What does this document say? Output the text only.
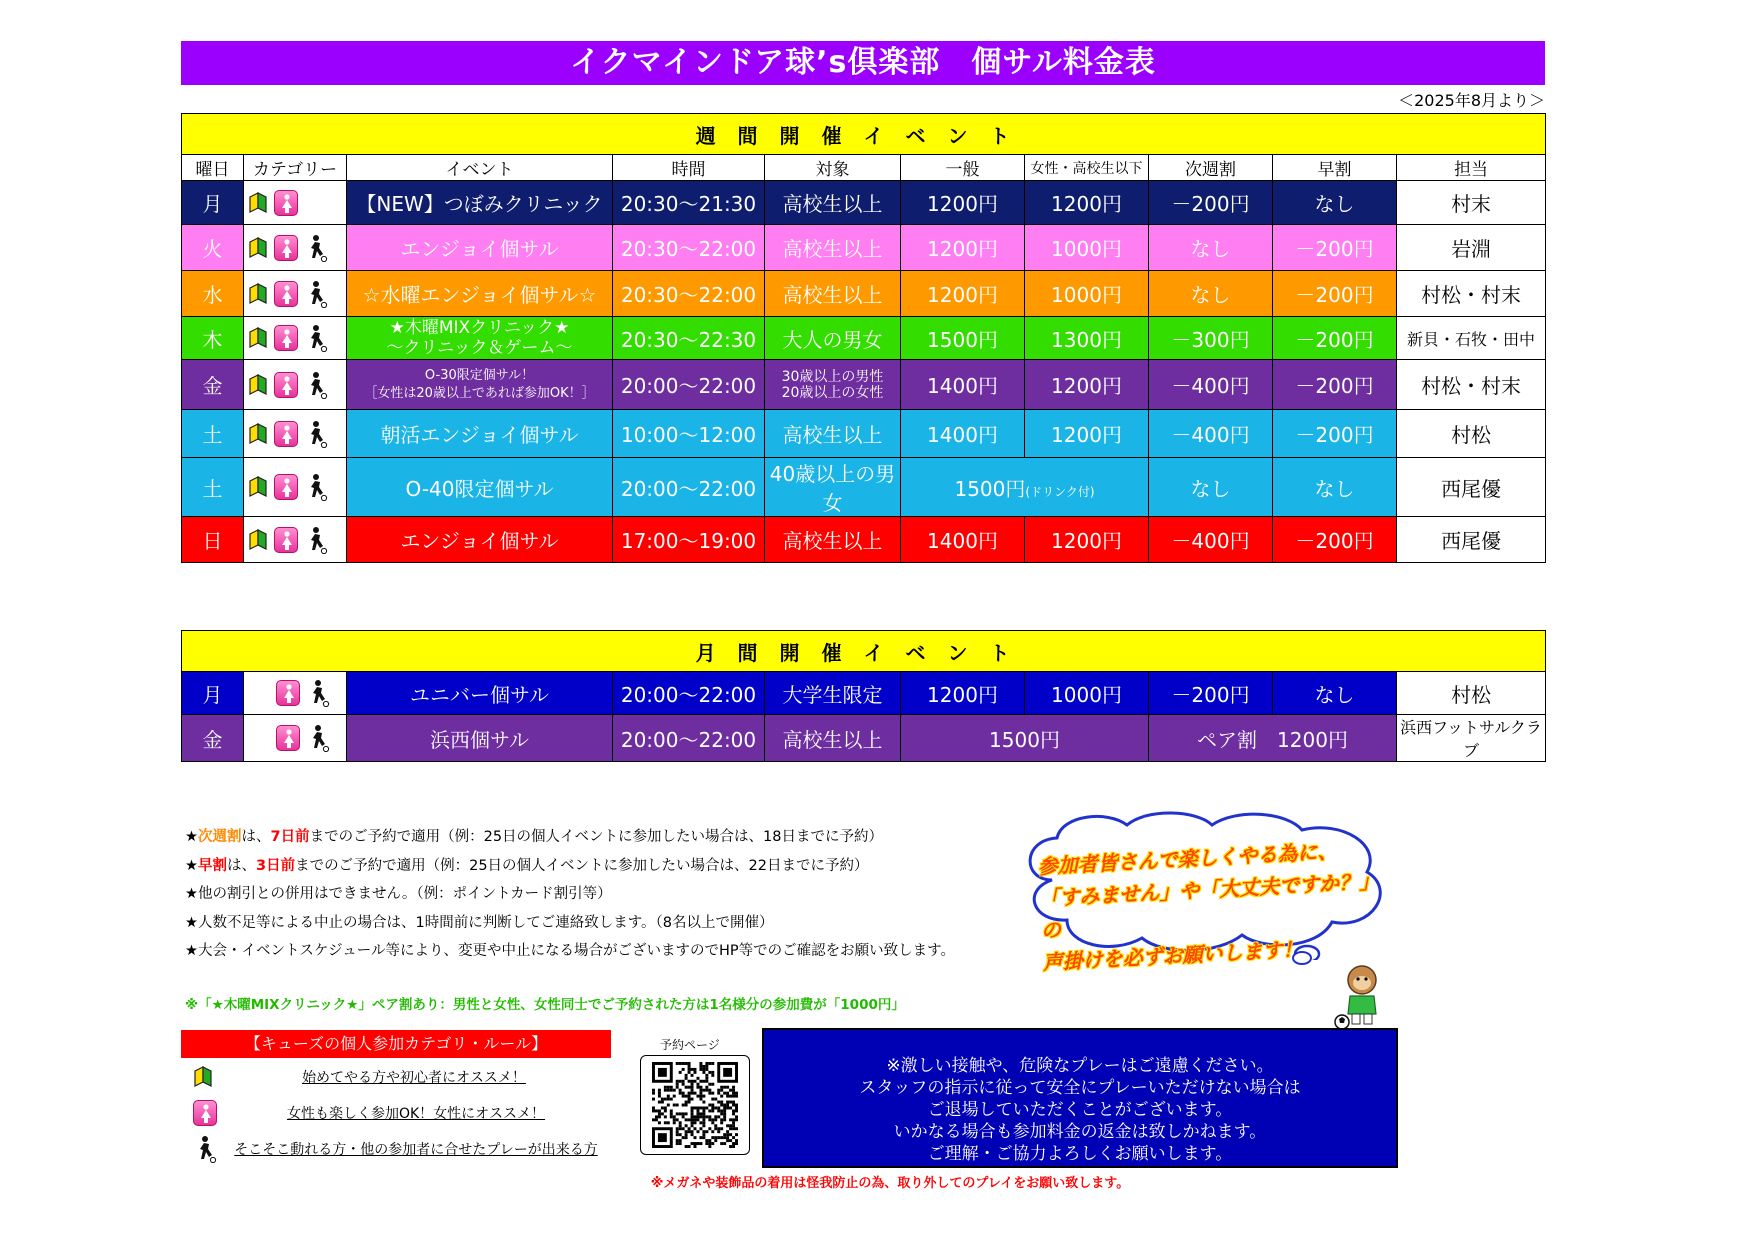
イクマインドア球’s倶楽部　個サル料金表
＜2025年8月より＞
週間開催イベント									
曜日	カテゴリー	イベント	時間	対象	一般	女性・高校生以下	次週割	早割	担当
月		【NEW】つぼみクリニック	20:30～21:30	高校生以上	1200円	1200円	－200円	なし	村末
火		エンジョイ個サル	20:30～22:00	高校生以上	1200円	1000円	なし	－200円	岩淵
水		☆水曜エンジョイ個サル☆	20:30～22:00	高校生以上	1200円	1000円	なし	－200円	村松・村末
木		★木曜MIXクリニック★
～クリニック＆ゲーム～	20:30～22:30	大人の男女	1500円	1300円	－300円	－200円	新貝・石牧・田中
金		O-30限定個サル！
［女性は20歳以上であれば参加OK！］	20:00～22:00	30歳以上の男性
20歳以上の女性	1400円	1200円	－400円	－200円	村松・村末
土		朝活エンジョイ個サル	10:00～12:00	高校生以上	1400円	1200円	－400円	－200円	村松
土		O-40限定個サル	20:00～22:00	40歳以上の男女	1500円(ドリンク付)		なし	なし	西尾優
日		エンジョイ個サル	17:00～19:00	高校生以上	1400円	1200円	－400円	－200円	西尾優
月間開催イベント									
月		ユニバー個サル	20:00～22:00	大学生限定	1200円	1000円	－200円	なし	村松
金		浜西個サル	20:00～22:00	高校生以上	1500円		ペア割　1200円		浜西フットサルクラブ
★次週割は、7日前までのご予約で適用（例：25日の個人イベントに参加したい場合は、18日までに予約）
★早割は、3日前までのご予約で適用（例：25日の個人イベントに参加したい場合は、22日までに予約）
★他の割引との併用はできません。（例：ポイントカード割引等）
★人数不足等による中止の場合は、1時間前に判断してご連絡致します。（8名以上で開催）
★大会・イベントスケジュール等により、変更や中止になる場合がございますのでHP等でのご確認をお願い致します。
※「★木曜MIXクリニック★」ペア割あり：男性と女性、女性同士でご予約された方は1名様分の参加費が「1000円」
参加者皆さんで楽しくやる為に、
「すみません」や「大丈夫ですか？」の
声掛けを必ずお願いします！
【キューズの個人参加カテゴリ・ルール】
始めてやる方や初心者にオススメ！
女性も楽しく参加OK！女性にオススメ！
そこそこ動れる方・他の参加者に合せたプレーが出来る方
予約ページ
※激しい接触や、危険なプレーはご遠慮ください。
スタッフの指示に従って安全にプレーいただけない場合は
ご退場していただくことがございます。
いかなる場合も参加料金の返金は致しかねます。
ご理解・ご協力よろしくお願いします。
※メガネや装飾品の着用は怪我防止の為、取り外してのプレイをお願い致します。
